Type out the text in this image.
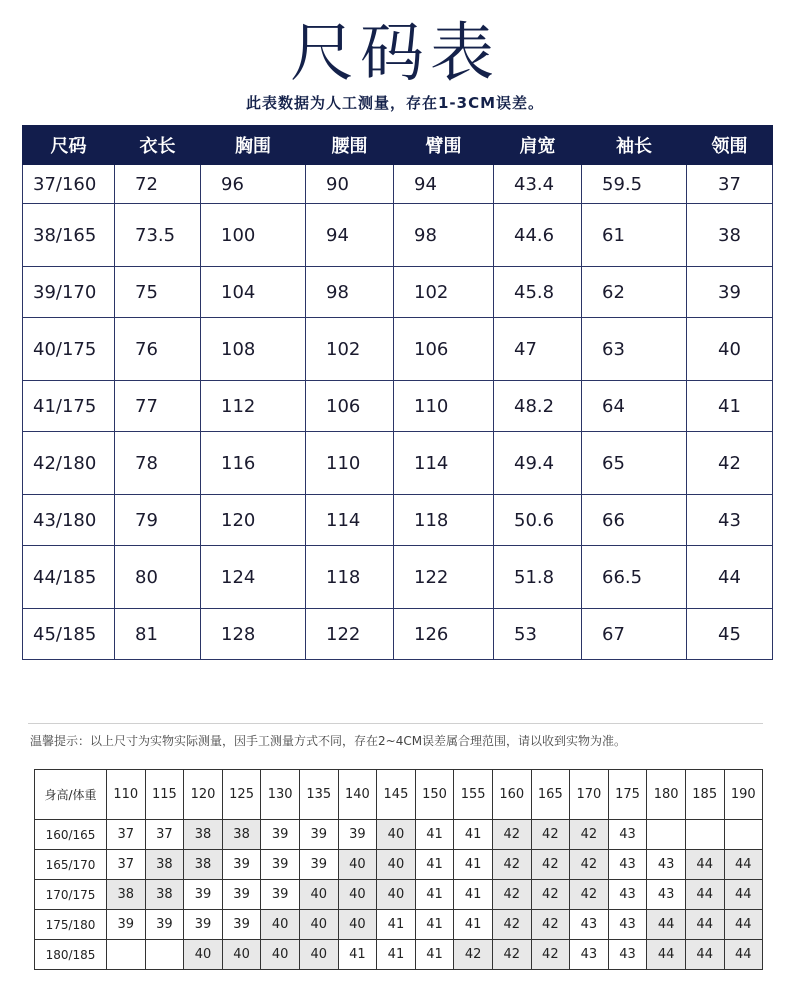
尺码表
此表数据为人工测量，存在1-3CM误差。
尺码	衣长	胸围	腰围	臂围	肩宽	袖长	领围
37/160	72	96	90	94	43.4	59.5	37
38/165	73.5	100	94	98	44.6	61	38
39/170	75	104	98	102	45.8	62	39
40/175	76	108	102	106	47	63	40
41/175	77	112	106	110	48.2	64	41
42/180	78	116	110	114	49.4	65	42
43/180	79	120	114	118	50.6	66	43
44/185	80	124	118	122	51.8	66.5	44
45/185	81	128	122	126	53	67	45
温馨提示：以上尺寸为实物实际测量，因手工测量方式不同，存在2~4CM误差属合理范围，请以收到实物为准。
身高/体重	110	115	120	125	130	135	140	145	150	155	160	165	170	175	180	185	190
160/165	37	37	38	38	39	39	39	40	41	41	42	42	42	43			
165/170	37	38	38	39	39	39	40	40	41	41	42	42	42	43	43	44	44
170/175	38	38	39	39	39	40	40	40	41	41	42	42	42	43	43	44	44
175/180	39	39	39	39	40	40	40	41	41	41	42	42	43	43	44	44	44
180/185			40	40	40	40	41	41	41	42	42	42	43	43	44	44	44
